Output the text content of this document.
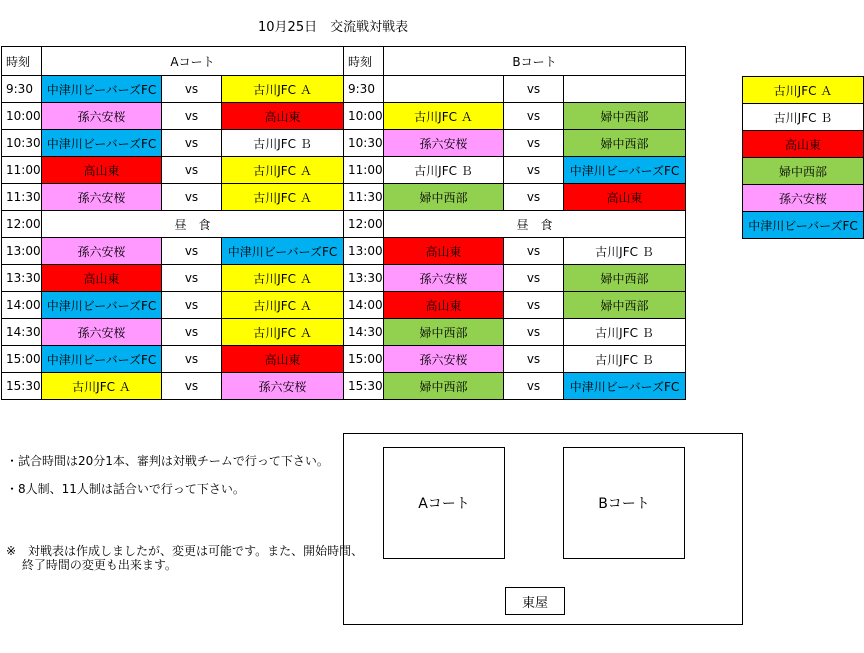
10月25日　交流戦対戦表
時刻	Aコート		
9:30	中津川ビーバーズFC	vs	古川JFC Ａ
10:00	孫六安桜	vs	高山東
10:30	中津川ビーバーズFC	vs	古川JFC Ｂ
11:00	高山東	vs	古川JFC Ａ
11:30	孫六安桜	vs	古川JFC Ａ
12:00	昼　食		
13:00	孫六安桜	vs	中津川ビーバーズFC
13:30	高山東	vs	古川JFC Ａ
14:00	中津川ビーバーズFC	vs	古川JFC Ａ
14:30	孫六安桜	vs	古川JFC Ａ
15:00	中津川ビーバーズFC	vs	高山東
15:30	古川JFC Ａ	vs	孫六安桜
時刻	Bコート		
9:30		vs	
10:00	古川JFC Ａ	vs	婦中西部
10:30	孫六安桜	vs	婦中西部
11:00	古川JFC Ｂ	vs	中津川ビーバーズFC
11:30	婦中西部	vs	高山東
12:00	昼　食		
13:00	高山東	vs	古川JFC Ｂ
13:30	孫六安桜	vs	婦中西部
14:00	高山東	vs	婦中西部
14:30	婦中西部	vs	古川JFC Ｂ
15:00	孫六安桜	vs	古川JFC Ｂ
15:30	婦中西部	vs	中津川ビーバーズFC
古川JFC Ａ
古川JFC Ｂ
高山東
婦中西部
孫六安桜
中津川ビーバーズFC
・試合時間は20分1本、審判は対戦チームで行って下さい。
・8人制、11人制は話合いで行って下さい。
※　対戦表は作成しましたが、変更は可能です。また、開始時間、
　 終了時間の変更も出来ます。
Aコート	Bコート
東屋
